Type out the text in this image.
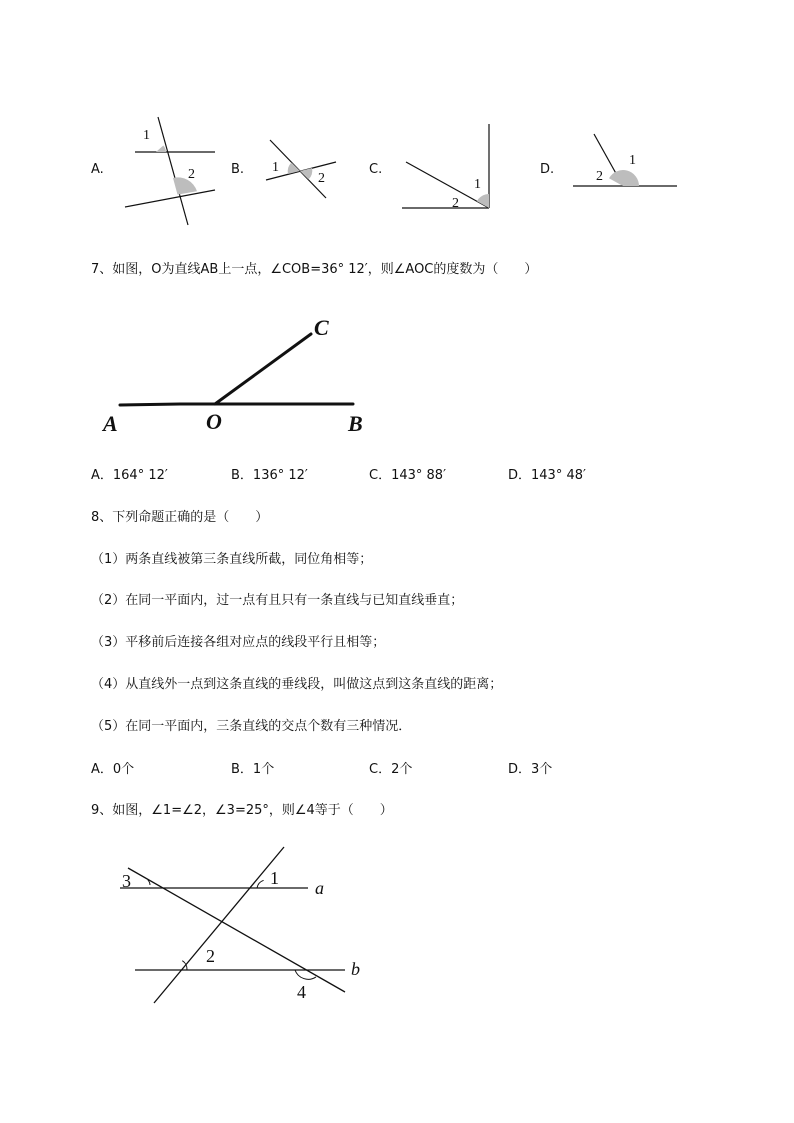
A.
1
2	B. 1
2
C.
1
2
D.	2
1
7、如图，O为直线AB上一点，∠COB=36° 12′，则∠AOC的度数为（　　）
A	O	B
C
A．164° 12′	B．136° 12′	C．143° 88′	D．143° 48′
8、下列命题正确的是（　　）
（1）两条直线被第三条直线所截，同位角相等；
（2）在同一平面内，过一点有且只有一条直线与已知直线垂直；
（3）平移前后连接各组对应点的线段平行且相等；
（4）从直线外一点到这条直线的垂线段，叫做这点到这条直线的距离；
（5）在同一平面内，三条直线的交点个数有三种情况．
A．0个	B．1个	C．2个	D．3个
9、如图，∠1=∠2，∠3=25°，则∠4等于（　　）
3	1
2
4
a
b
